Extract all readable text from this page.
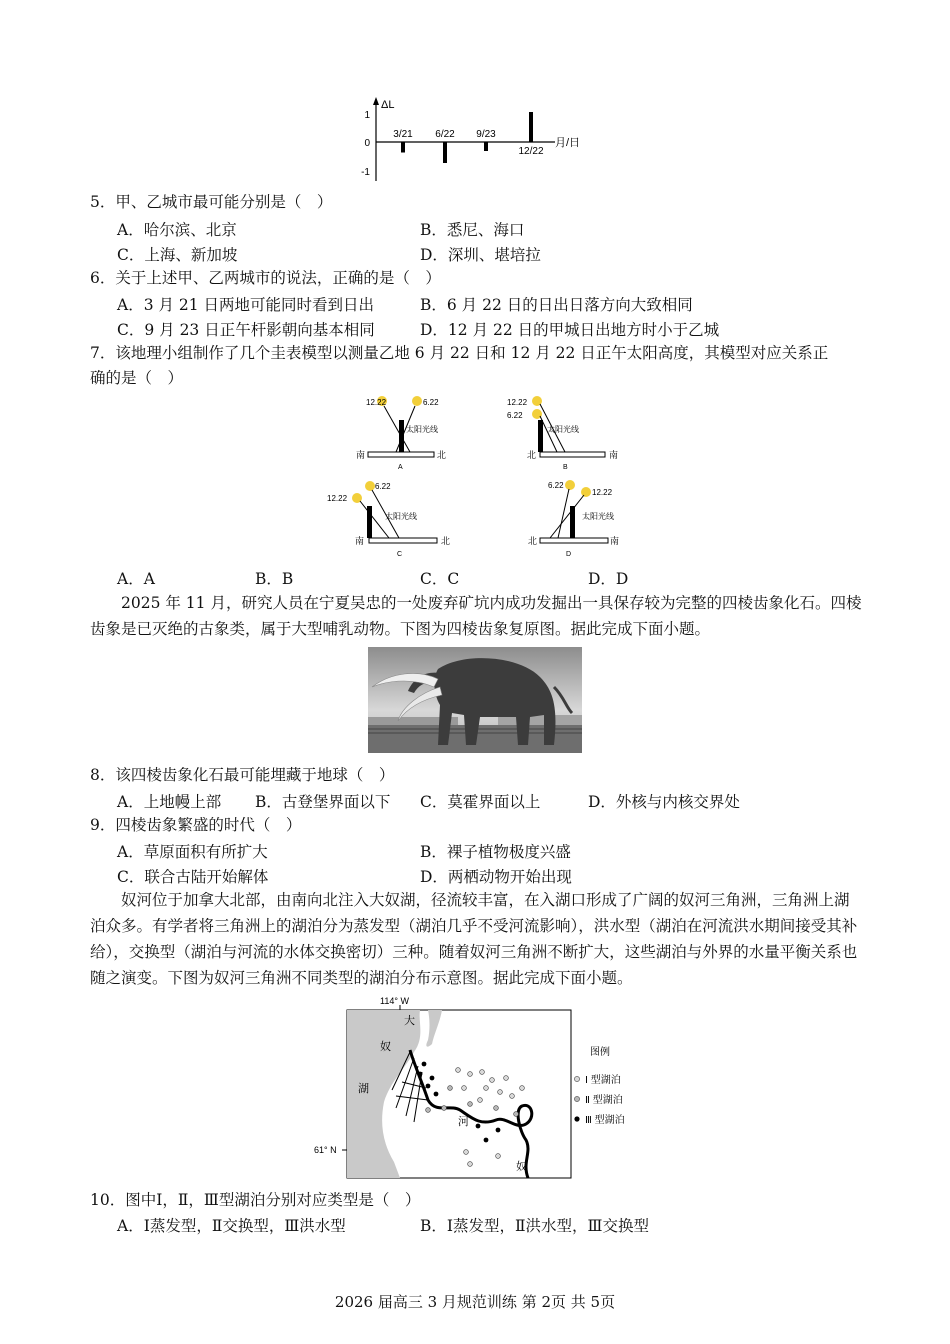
ΔL
1
0
-1
月/日
3/21 6/22 9/23
12/22
5．甲、乙城市最可能分别是（　）
A．哈尔滨、北京	B．悉尼、海口
C．上海、新加坡	D．深圳、堪培拉
6．关于上述甲、乙两城市的说法，正确的是（　）
A．3 月 21 日两地可能同时看到日出	B．6 月 22 日的日出日落方向大致相同
C．9 月 23 日正午杆影朝向基本相同	D．12 月 22 日的甲城日出地方时小于乙城
7．该地理小组制作了几个圭表模型以测量乙地 6 月 22 日和 12 月 22 日正午太阳高度，其模型对应关系正
确的是（　）
12.22	6.22
太阳光线
南	北
A
12.22
6.22
太阳光线
北	南
B
6.22
12.22
太阳光线
南	北
C
6.22
12.22
太阳光线
北	南
D
A．A	B．B	C．C	D．D
2025 年 11 月，研究人员在宁夏吴忠的一处废弃矿坑内成功发掘出一具保存较为完整的四棱齿象化石。四棱齿象是已灭绝的古象类，属于大型哺乳动物。下图为四棱齿象复原图。据此完成下面小题。
8．该四棱齿象化石最可能埋藏于地球（　）
A．上地幔上部 B．古登堡界面以下 C．莫霍界面以上	D．外核与内核交界处
9．四棱齿象繁盛的时代（　）
A．草原面积有所扩大	B．裸子植物极度兴盛
C．联合古陆开始解体	D．两栖动物开始出现
奴河位于加拿大北部，由南向北注入大奴湖，径流较丰富，在入湖口形成了广阔的奴河三角洲，三角洲上湖泊众多。有学者将三角洲上的湖泊分为蒸发型（湖泊几乎不受河流影响），洪水型（湖泊在河流洪水期间接受其补给），交换型（湖泊与河流的水体交换密切）三种。随着奴河三角洲不断扩大，这些湖泊与外界的水量平衡关系也随之演变。下图为奴河三角洲不同类型的湖泊分布示意图。据此完成下面小题。
114° W
大
奴
湖
河
奴
61° N
图例
Ⅰ 型湖泊
Ⅱ 型湖泊
Ⅲ 型湖泊
10．图中Ⅰ，Ⅱ，Ⅲ型湖泊分别对应类型是（　）
A．Ⅰ蒸发型，Ⅱ交换型，Ⅲ洪水型	B．Ⅰ蒸发型，Ⅱ洪水型，Ⅲ交换型
2026 届高三 3 月规范训练 第 2页 共 5页
